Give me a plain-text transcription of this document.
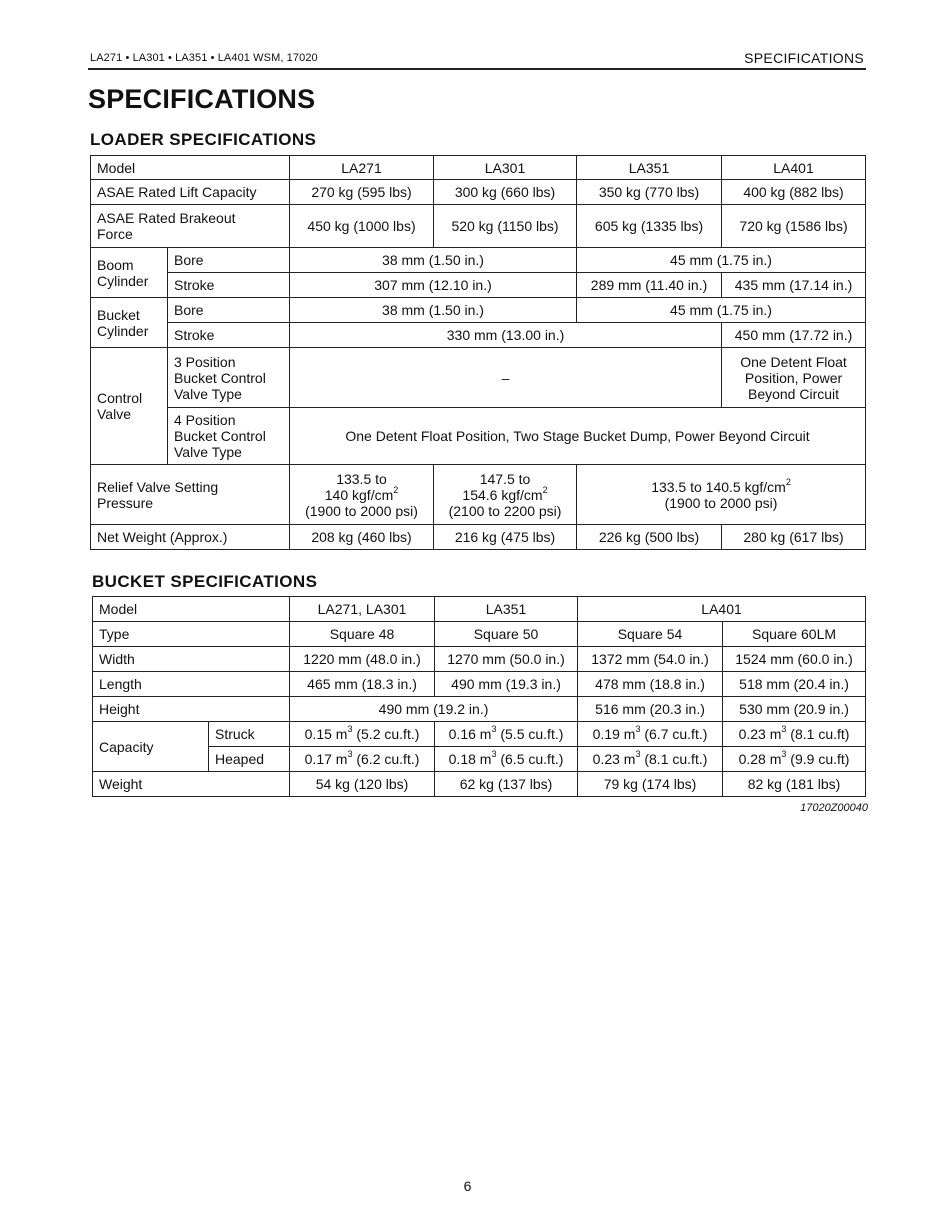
LA271 • LA301 • LA351 • LA401 WSM, 17020	SPECIFICATIONS
SPECIFICATIONS
LOADER SPECIFICATIONS
Model		LA271	LA301	LA351	LA401
ASAE Rated Lift Capacity		270 kg (595 lbs)	300 kg (660 lbs)	350 kg (770 lbs)	400 kg (882 lbs)

ASAE Rated Brakeout
Force		450 kg (1000 lbs)	520 kg (1150 lbs)	605 kg (1335 lbs)	720 kg (1586 lbs)

Boom
Cylinder	Bore	38 mm (1.50 in.)		45 mm (1.75 in.)	
	Stroke	307 mm (12.10 in.)		289 mm (11.40 in.)	435 mm (17.14 in.)

Bucket
Cylinder	Bore	38 mm (1.50 in.)		45 mm (1.75 in.)	
	Stroke	330 mm (13.00 in.)			450 mm (17.72 in.)

Control
Valve	3 Position
Bucket Control
Valve Type	–			One Detent Float
Position, Power
Beyond Circuit

	4 Position
Bucket Control
Valve Type	One Detent Float Position, Two Stage Bucket Dump, Power Beyond Circuit			

Relief Valve Setting
Pressure		133.5 to
140 kgf/$cm^2$
(1900 to 2000 psi)	147.5 to
154.6 kgf/$cm^2$
(2100 to 2200 psi)	133.5 to 140.5 kgf/$cm^2$
(1900 to 2000 psi)	

Net Weight (Approx.)		208 kg (460 lbs)	216 kg (475 lbs)	226 kg (500 lbs)	280 kg (617 lbs)
BUCKET SPECIFICATIONS
Model		LA271, LA301	LA351	LA401	
Type		Square 48	Square 50	Square 54	Square 60LM
Width		1220 mm (48.0 in.)	1270 mm (50.0 in.)	1372 mm (54.0 in.)	1524 mm (60.0 in.)
Length		465 mm (18.3 in.)	490 mm (19.3 in.)	478 mm (18.8 in.)	518 mm (20.4 in.)
Height		490 mm (19.2 in.)		516 mm (20.3 in.)	530 mm (20.9 in.)
Capacity	Struck	0.15 $m^3$ (5.2 cu.ft.)	0.16 $m^3$ (5.5 cu.ft.)	0.19 $m^3$ (6.7 cu.ft.)	0.23 $m^3$ (8.1 cu.ft)
	Heaped	0.17 $m^3$ (6.2 cu.ft.)	0.18 $m^3$ (6.5 cu.ft.)	0.23 $m^3$ (8.1 cu.ft.)	0.28 $m^3$ (9.9 cu.ft)
Weight		54 kg (120 lbs)	62 kg (137 lbs)	79 kg (174 lbs)	82 kg (181 lbs)
17020Z00040
6
